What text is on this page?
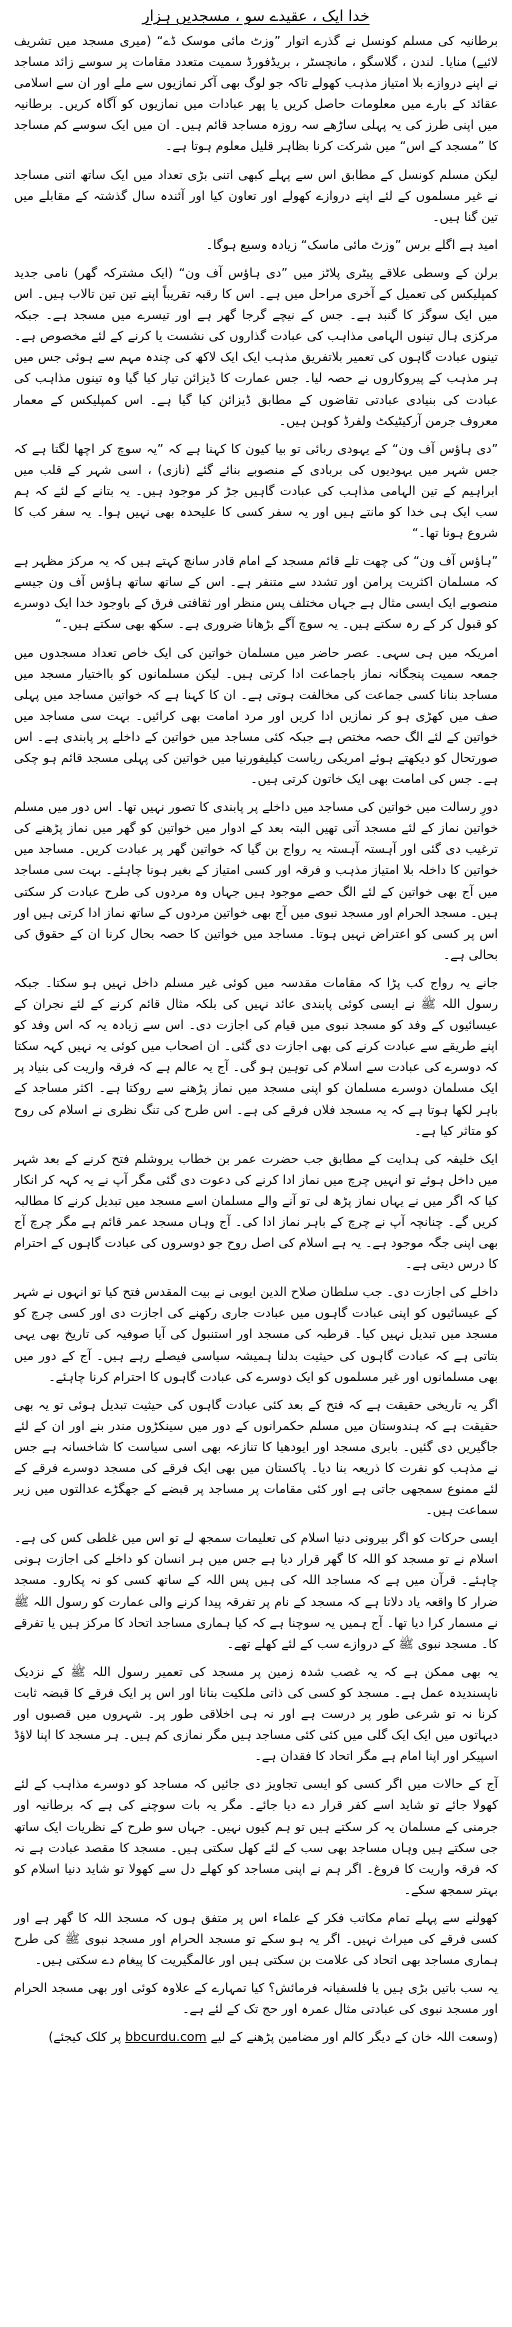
خدا ایک ، عقیدے سو ، مسجدیں ہزار

برطانیہ کی مسلم کونسل نے گذرے اتوار ”وزٹ مائی موسک ڈے“ (میری مسجد میں تشریف لائیے) منایا۔ لندن ، گلاسگو ، مانچسٹر ، بریڈفورڈ سمیت متعدد مقامات پر سوسے زائد مساجد نے اپنے دروازے بلا امتیاز مذہب کھولے تاکہ جو لوگ بھی آکر نمازیوں سے ملے اور ان سے اسلامی عقائد کے بارے میں معلومات حاصل کریں یا پھر عبادات میں نمازیوں کو آگاہ کریں۔ برطانیہ میں اپنی طرز کی یہ پہلی ساڑھے سہ روزہ مساجد قائم ہیں۔ ان میں ایک سوسے کم مساجد کا ”مسجد کے اس“ میں شرکت کرنا بظاہر قلیل معلوم ہوتا ہے۔

لیکن مسلم کونسل کے مطابق اس سے پہلے کبھی اتنی بڑی تعداد میں ایک ساتھ اتنی مساجد نے غیر مسلموں کے لئے اپنے دروازے کھولے اور تعاون کیا اور آئندہ سال گذشتہ کے مقابلے میں تین گنا ہیں۔

امید ہے اگلے برس ”وزٹ مائی ماسک“ زیادہ وسیع ہوگا۔

برلن کے وسطی علاقے پیٹری پلاٹز میں ”دی ہاؤس آف ون“ (ایک مشترکہ گھر) نامی جدید کمپلیکس کی تعمیل کے آخری مراحل میں ہے۔ اس کا رقبہ تقریباً اپنے تین تین تالاب ہیں۔ اس میں ایک سوگز کا گنبد ہے۔ جس کے نیچے گرجا گھر ہے اور تیسرے میں مسجد ہے۔ جبکہ مرکزی ہال تینوں الہامی مذاہب کی عبادت گذاروں کی نشست یا کرنے کے لئے مخصوص ہے۔ تینوں عبادت گاہوں کی تعمیر بلاتفریق مذہب ایک ایک لاکھ کی چندہ مہم سے ہوئی جس میں ہر مذہب کے پیروکاروں نے حصہ لیا۔ جس عمارت کا ڈیزائن تیار کیا گیا وہ تینوں مذاہب کی عبادت کی بنیادی عبادتی تقاضوں کے مطابق ڈیزائن کیا گیا ہے۔ اس کمپلیکس کے معمار معروف جرمن آرکیٹیکٹ ولفرڈ کوہن ہیں۔

”دی ہاؤس آف ون“ کے یہودی ربائی تو بیا کیون کا کہنا ہے کہ ”یہ سوچ کر اچھا لگتا ہے کہ جس شہر میں یہودیوں کی بربادی کے منصوبے بنائے گئے (نازی) ، اسی شہر کے قلب میں ابراہیم کے تین الہامی مذاہب کی عبادت گاہیں جڑ کر موجود ہیں۔ یہ بتانے کے لئے کہ ہم سب ایک ہی خدا کو مانتے ہیں اور یہ سفر کسی کا علیحدہ بھی نہیں ہوا۔ یہ سفر کب کا شروع ہونا تھا۔“

”ہاؤس آف ون“ کی چھت تلے قائم مسجد کے امام قادر سانچ کہتے ہیں کہ یہ مرکز مظہر ہے کہ مسلمان اکثریت پرامن اور تشدد سے متنفر ہے۔ اس کے ساتھ ساتھ ہاؤس آف ون جیسے منصوبے ایک ایسی مثال ہے جہاں مختلف پس منظر اور ثقافتی فرق کے باوجود خدا ایک دوسرے کو قبول کر کے رہ سکتے ہیں۔ یہ سوچ آگے بڑھانا ضروری ہے۔ سکھ بھی سکتے ہیں۔“

امریکہ میں ہی سہی۔ عصر حاضر میں مسلمان خواتین کی ایک خاص تعداد مسجدوں میں جمعہ سمیت پنجگانہ نماز باجماعت ادا کرتی ہیں۔ لیکن مسلمانوں کو بااختیار مسجد میں مساجد بنانا کسی جماعت کی مخالفت ہوتی ہے۔ ان کا کہنا ہے کہ خواتین مساجد میں پہلی صف میں کھڑی ہو کر نمازیں ادا کریں اور مرد امامت بھی کرائیں۔ بہت سی مساجد میں خواتین کے لئے الگ حصہ مختص ہے جبکہ کئی مساجد میں خواتین کے داخلے پر پابندی ہے۔ اس صورتحال کو دیکھتے ہوئے امریکی ریاست کیلیفورنیا میں خواتین کی پہلی مسجد قائم ہو چکی ہے۔ جس کی امامت بھی ایک خاتون کرتی ہیں۔

دورِ رسالت میں خواتین کی مساجد میں داخلے پر پابندی کا تصور نہیں تھا۔ اس دور میں مسلم خواتین نماز کے لئے مسجد آتی تھیں البتہ بعد کے ادوار میں خواتین کو گھر میں نماز پڑھنے کی ترغیب دی گئی اور آہستہ آہستہ یہ رواج بن گیا کہ خواتین گھر پر عبادت کریں۔ مساجد میں خواتین کا داخلہ بلا امتیاز مذہب و فرقہ اور کسی امتیاز کے بغیر ہونا چاہئے۔ بہت سی مساجد میں آج بھی خواتین کے لئے الگ حصے موجود ہیں جہاں وہ مردوں کی طرح عبادت کر سکتی ہیں۔ مسجد الحرام اور مسجد نبوی میں آج بھی خواتین مردوں کے ساتھ نماز ادا کرتی ہیں اور اس پر کسی کو اعتراض نہیں ہوتا۔ مساجد میں خواتین کا حصہ بحال کرنا ان کے حقوق کی بحالی ہے۔

جانے یہ رواج کب پڑا کہ مقامات مقدسہ میں کوئی غیر مسلم داخل نہیں ہو سکتا۔ جبکہ رسول اللہ ﷺ نے ایسی کوئی پابندی عائد نہیں کی بلکہ مثال قائم کرنے کے لئے نجران کے عیسائیوں کے وفد کو مسجد نبوی میں قیام کی اجازت دی۔ اس سے زیادہ یہ کہ اس وفد کو اپنے طریقے سے عبادت کرنے کی بھی اجازت دی گئی۔ ان اصحاب میں کوئی یہ نہیں کہہ سکتا کہ دوسرے کی عبادت سے اسلام کی توہین ہو گی۔ آج یہ عالم ہے کہ فرقہ واریت کی بنیاد پر ایک مسلمان دوسرے مسلمان کو اپنی مسجد میں نماز پڑھنے سے روکتا ہے۔ اکثر مساجد کے باہر لکھا ہوتا ہے کہ یہ مسجد فلاں فرقے کی ہے۔ اس طرح کی تنگ نظری نے اسلام کی روح کو متاثر کیا ہے۔

ایک خلیفہ کی ہدایت کے مطابق جب حضرت عمر بن خطاب یروشلم فتح کرنے کے بعد شہر میں داخل ہوئے تو انہیں چرچ میں نماز ادا کرنے کی دعوت دی گئی مگر آپ نے یہ کہہ کر انکار کیا کہ اگر میں نے یہاں نماز پڑھ لی تو آنے والے مسلمان اسے مسجد میں تبدیل کرنے کا مطالبہ کریں گے۔ چنانچہ آپ نے چرچ کے باہر نماز ادا کی۔ آج وہاں مسجد عمر قائم ہے مگر چرچ آج بھی اپنی جگہ موجود ہے۔ یہ ہے اسلام کی اصل روح جو دوسروں کی عبادت گاہوں کے احترام کا درس دیتی ہے۔

داخلے کی اجازت دی۔ جب سلطان صلاح الدین ایوبی نے بیت المقدس فتح کیا تو انہوں نے شہر کے عیسائیوں کو اپنی عبادت گاہوں میں عبادت جاری رکھنے کی اجازت دی اور کسی چرچ کو مسجد میں تبدیل نہیں کیا۔ قرطبہ کی مسجد اور استنبول کی آیا صوفیہ کی تاریخ بھی یہی بتاتی ہے کہ عبادت گاہوں کی حیثیت بدلنا ہمیشہ سیاسی فیصلے رہے ہیں۔ آج کے دور میں بھی مسلمانوں اور غیر مسلموں کو ایک دوسرے کی عبادت گاہوں کا احترام کرنا چاہئے۔

اگر یہ تاریخی حقیقت ہے کہ فتح کے بعد کئی عبادت گاہوں کی حیثیت تبدیل ہوئی تو یہ بھی حقیقت ہے کہ ہندوستان میں مسلم حکمرانوں کے دور میں سینکڑوں مندر بنے اور ان کے لئے جاگیریں دی گئیں۔ بابری مسجد اور ایودھیا کا تنازعہ بھی اسی سیاست کا شاخسانہ ہے جس نے مذہب کو نفرت کا ذریعہ بنا دیا۔ پاکستان میں بھی ایک فرقے کی مسجد دوسرے فرقے کے لئے ممنوع سمجھی جاتی ہے اور کئی مقامات پر مساجد پر قبضے کے جھگڑے عدالتوں میں زیر سماعت ہیں۔

ایسی حرکات کو اگر بیرونی دنیا اسلام کی تعلیمات سمجھ لے تو اس میں غلطی کس کی ہے۔ اسلام نے تو مسجد کو اللہ کا گھر قرار دیا ہے جس میں ہر انسان کو داخلے کی اجازت ہونی چاہئے۔ قرآن میں ہے کہ مساجد اللہ کی ہیں پس اللہ کے ساتھ کسی کو نہ پکارو۔ مسجد ضرار کا واقعہ یاد دلاتا ہے کہ مسجد کے نام پر تفرقہ پیدا کرنے والی عمارت کو رسول اللہ ﷺ نے مسمار کرا دیا تھا۔ آج ہمیں یہ سوچنا ہے کہ کیا ہماری مساجد اتحاد کا مرکز ہیں یا تفرقے کا۔ مسجد نبوی ﷺ کے دروازے سب کے لئے کھلے تھے۔

یہ بھی ممکن ہے کہ یہ غصب شدہ زمین پر مسجد کی تعمیر رسول اللہ ﷺ کے نزدیک ناپسندیدہ عمل ہے۔ مسجد کو کسی کی ذاتی ملکیت بنانا اور اس پر ایک فرقے کا قبضہ ثابت کرنا نہ تو شرعی طور پر درست ہے اور نہ ہی اخلاقی طور پر۔ شہروں میں قصبوں اور دیہاتوں میں ایک ایک گلی میں کئی کئی مساجد ہیں مگر نمازی کم ہیں۔ ہر مسجد کا اپنا لاؤڈ اسپیکر اور اپنا امام ہے مگر اتحاد کا فقدان ہے۔

آج کے حالات میں اگر کسی کو ایسی تجاویز دی جائیں کہ مساجد کو دوسرے مذاہب کے لئے کھولا جائے تو شاید اسے کفر قرار دے دیا جائے۔ مگر یہ بات سوچنے کی ہے کہ برطانیہ اور جرمنی کے مسلمان یہ کر سکتے ہیں تو ہم کیوں نہیں۔ جہاں سو طرح کے نظریات ایک ساتھ جی سکتے ہیں وہاں مساجد بھی سب کے لئے کھل سکتی ہیں۔ مسجد کا مقصد عبادت ہے نہ کہ فرقہ واریت کا فروغ۔ اگر ہم نے اپنی مساجد کو کھلے دل سے کھولا تو شاید دنیا اسلام کو بہتر سمجھ سکے۔

کھولنے سے پہلے تمام مکاتب فکر کے علماء اس پر متفق ہوں کہ مسجد اللہ کا گھر ہے اور کسی فرقے کی میراث نہیں۔ اگر یہ ہو سکے تو مسجد الحرام اور مسجد نبوی ﷺ کی طرح ہماری مساجد بھی اتحاد کی علامت بن سکتی ہیں اور عالمگیریت کا پیغام دے سکتی ہیں۔

یہ سب باتیں بڑی ہیں یا فلسفیانہ فرمائش؟ کیا تمہارے کے علاوہ کوئی اور بھی مسجد الحرام اور مسجد نبوی کی عبادتی مثال عمرہ اور حج تک کے لئے ہے۔

(وسعت اللہ خان کے دیگر کالم اور مضامین پڑھنے کے لیے bbcurdu.com پر کلک کیجئے)
